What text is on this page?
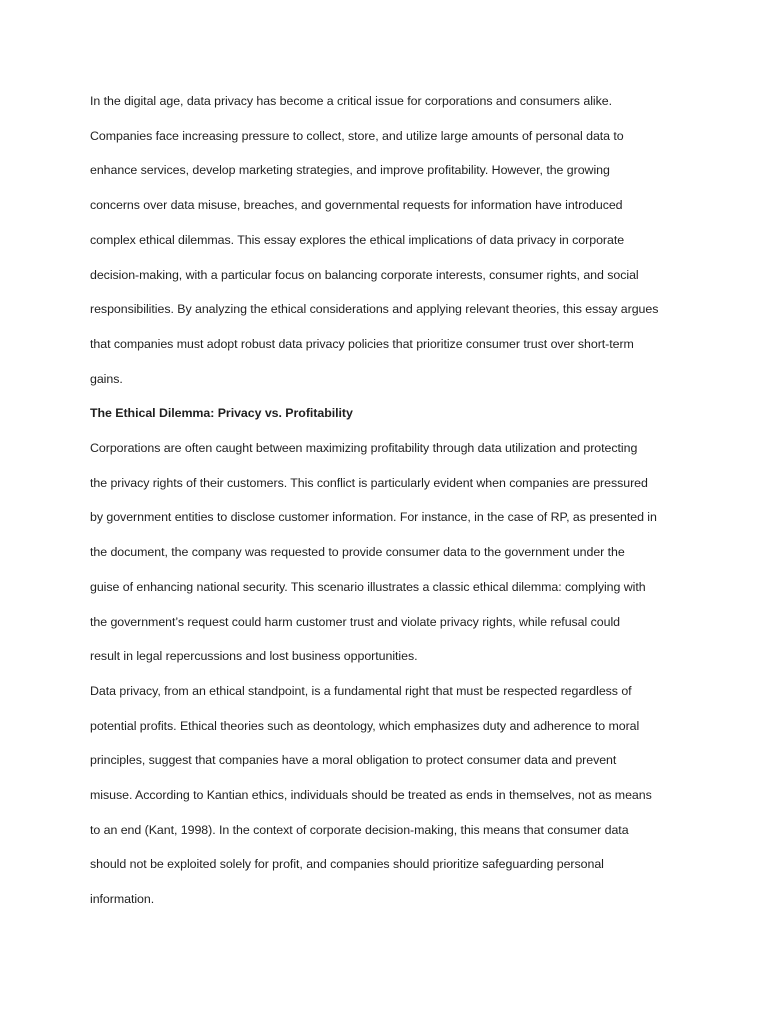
In the digital age, data privacy has become a critical issue for corporations and consumers alike.
Companies face increasing pressure to collect, store, and utilize large amounts of personal data to
enhance services, develop marketing strategies, and improve profitability. However, the growing
concerns over data misuse, breaches, and governmental requests for information have introduced
complex ethical dilemmas. This essay explores the ethical implications of data privacy in corporate
decision-making, with a particular focus on balancing corporate interests, consumer rights, and social
responsibilities. By analyzing the ethical considerations and applying relevant theories, this essay argues
that companies must adopt robust data privacy policies that prioritize consumer trust over short-term
gains.

The Ethical Dilemma: Privacy vs. Profitability

Corporations are often caught between maximizing profitability through data utilization and protecting
the privacy rights of their customers. This conflict is particularly evident when companies are pressured
by government entities to disclose customer information. For instance, in the case of RP, as presented in
the document, the company was requested to provide consumer data to the government under the
guise of enhancing national security. This scenario illustrates a classic ethical dilemma: complying with
the government’s request could harm customer trust and violate privacy rights, while refusal could
result in legal repercussions and lost business opportunities.

Data privacy, from an ethical standpoint, is a fundamental right that must be respected regardless of
potential profits. Ethical theories such as deontology, which emphasizes duty and adherence to moral
principles, suggest that companies have a moral obligation to protect consumer data and prevent
misuse. According to Kantian ethics, individuals should be treated as ends in themselves, not as means
to an end (Kant, 1998). In the context of corporate decision-making, this means that consumer data
should not be exploited solely for profit, and companies should prioritize safeguarding personal
information.
